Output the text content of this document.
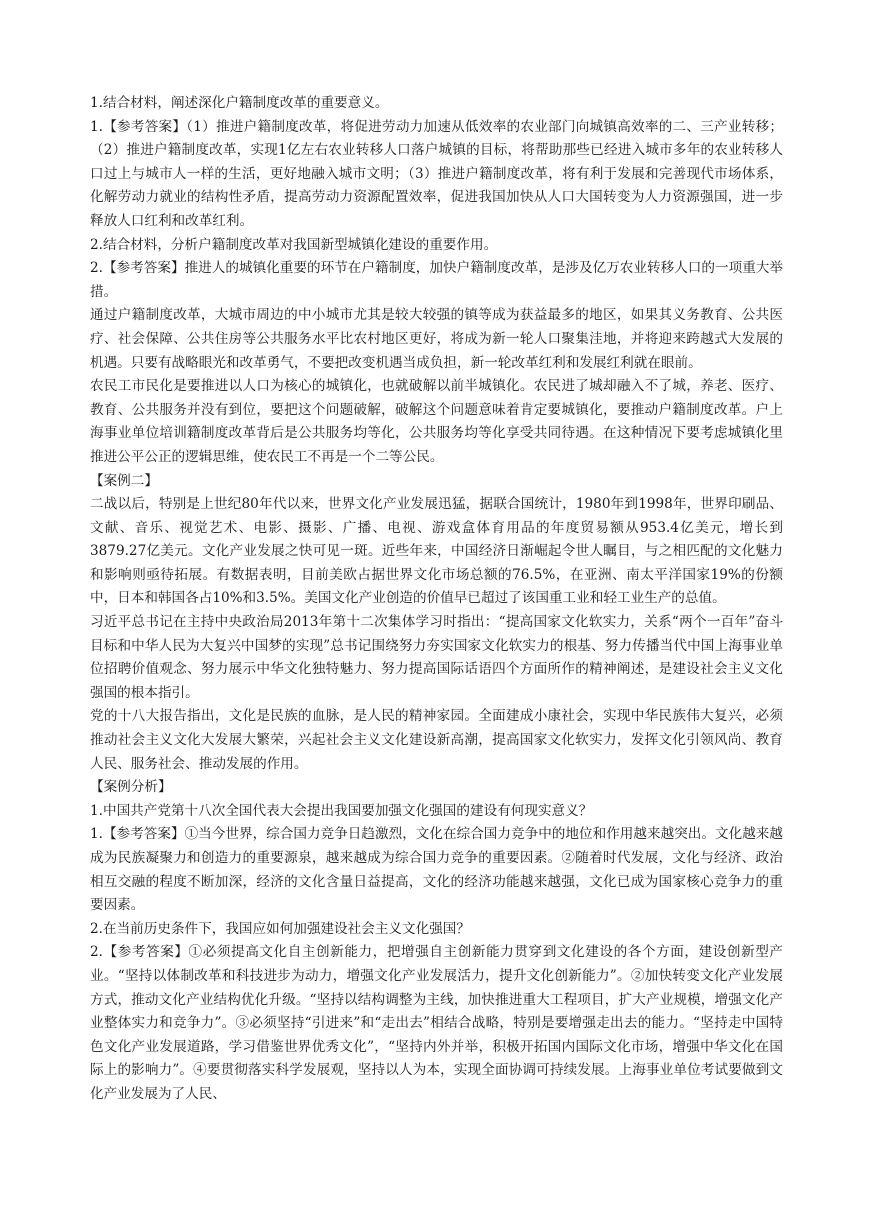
1.结合材料，阐述深化户籍制度改革的重要意义。

1.【参考答案】（1）推进户籍制度改革，将促进劳动力加速从低效率的农业部门向城镇高效率的二、三产业转移；（2）推进户籍制度改革，实现1亿左右农业转移人口落户城镇的目标，将帮助那些已经进入城市多年的农业转移人口过上与城市人一样的生活，更好地融入城市文明；（3）推进户籍制度改革，将有利于发展和完善现代市场体系，化解劳动力就业的结构性矛盾，提高劳动力资源配置效率，促进我国加快从人口大国转变为人力资源强国，进一步释放人口红利和改革红利。

2.结合材料，分析户籍制度改革对我国新型城镇化建设的重要作用。

2.【参考答案】推进人的城镇化重要的环节在户籍制度，加快户籍制度改革，是涉及亿万农业转移人口的一项重大举措。

通过户籍制度改革，大城市周边的中小城市尤其是较大较强的镇等成为获益最多的地区，如果其义务教育、公共医疗、社会保障、公共住房等公共服务水平比农村地区更好，将成为新一轮人口聚集洼地，并将迎来跨越式大发展的机遇。只要有战略眼光和改革勇气，不要把改变机遇当成负担，新一轮改革红利和发展红利就在眼前。

农民工市民化是要推进以人口为核心的城镇化，也就破解以前半城镇化。农民进了城却融入不了城，养老、医疗、教育、公共服务并没有到位，要把这个问题破解，破解这个问题意味着肯定要城镇化，要推动户籍制度改革。户上海事业单位培训籍制度改革背后是公共服务均等化，公共服务均等化享受共同待遇。在这种情况下要考虑城镇化里推进公平公正的逻辑思维，使农民工不再是一个二等公民。

【案例二】

二战以后，特别是上世纪80年代以来，世界文化产业发展迅猛，据联合国统计，1980年到1998年，世界印刷品、文献、音乐、视觉艺术、电影、摄影、广播、电视、游戏盒体育用品的年度贸易额从953.4亿美元，增长到3879.27亿美元。文化产业发展之快可见一斑。近些年来，中国经济日渐崛起令世人瞩目，与之相匹配的文化魅力和影响则亟待拓展。有数据表明，目前美欧占据世界文化市场总额的76.5%，在亚洲、南太平洋国家19%的份额中，日本和韩国各占10%和3.5%。美国文化产业创造的价值早已超过了该国重工业和轻工业生产的总值。

习近平总书记在主持中央政治局2013年第十二次集体学习时指出：“提高国家文化软实力，关系“两个一百年”奋斗目标和中华人民为大复兴中国梦的实现”总书记围绕努力夯实国家文化软实力的根基、努力传播当代中国上海事业单位招聘价值观念、努力展示中华文化独特魅力、努力提高国际话语四个方面所作的精神阐述，是建设社会主义文化强国的根本指引。

党的十八大报告指出，文化是民族的血脉，是人民的精神家园。全面建成小康社会，实现中华民族伟大复兴，必须推动社会主义文化大发展大繁荣，兴起社会主义文化建设新高潮，提高国家文化软实力，发挥文化引领风尚、教育人民、服务社会、推动发展的作用。

【案例分析】

1.中国共产党第十八次全国代表大会提出我国要加强文化强国的建设有何现实意义？

1.【参考答案】①当今世界，综合国力竞争日趋激烈，文化在综合国力竞争中的地位和作用越来越突出。文化越来越成为民族凝聚力和创造力的重要源泉，越来越成为综合国力竞争的重要因素。②随着时代发展，文化与经济、政治相互交融的程度不断加深，经济的文化含量日益提高，文化的经济功能越来越强，文化已成为国家核心竞争力的重要因素。

2.在当前历史条件下，我国应如何加强建设社会主义文化强国？

2.【参考答案】①必须提高文化自主创新能力，把增强自主创新能力贯穿到文化建设的各个方面，建设创新型产业。“坚持以体制改革和科技进步为动力，增强文化产业发展活力，提升文化创新能力”。②加快转变文化产业发展方式，推动文化产业结构优化升级。“坚持以结构调整为主线，加快推进重大工程项目，扩大产业规模，增强文化产业整体实力和竞争力”。③必须坚持“引进来”和“走出去”相结合战略，特别是要增强走出去的能力。“坚持走中国特色文化产业发展道路，学习借鉴世界优秀文化”，“坚持内外并举，积极开拓国内国际文化市场，增强中华文化在国际上的影响力”。④要贯彻落实科学发展观，坚持以人为本，实现全面协调可持续发展。上海事业单位考试要做到文化产业发展为了人民、
